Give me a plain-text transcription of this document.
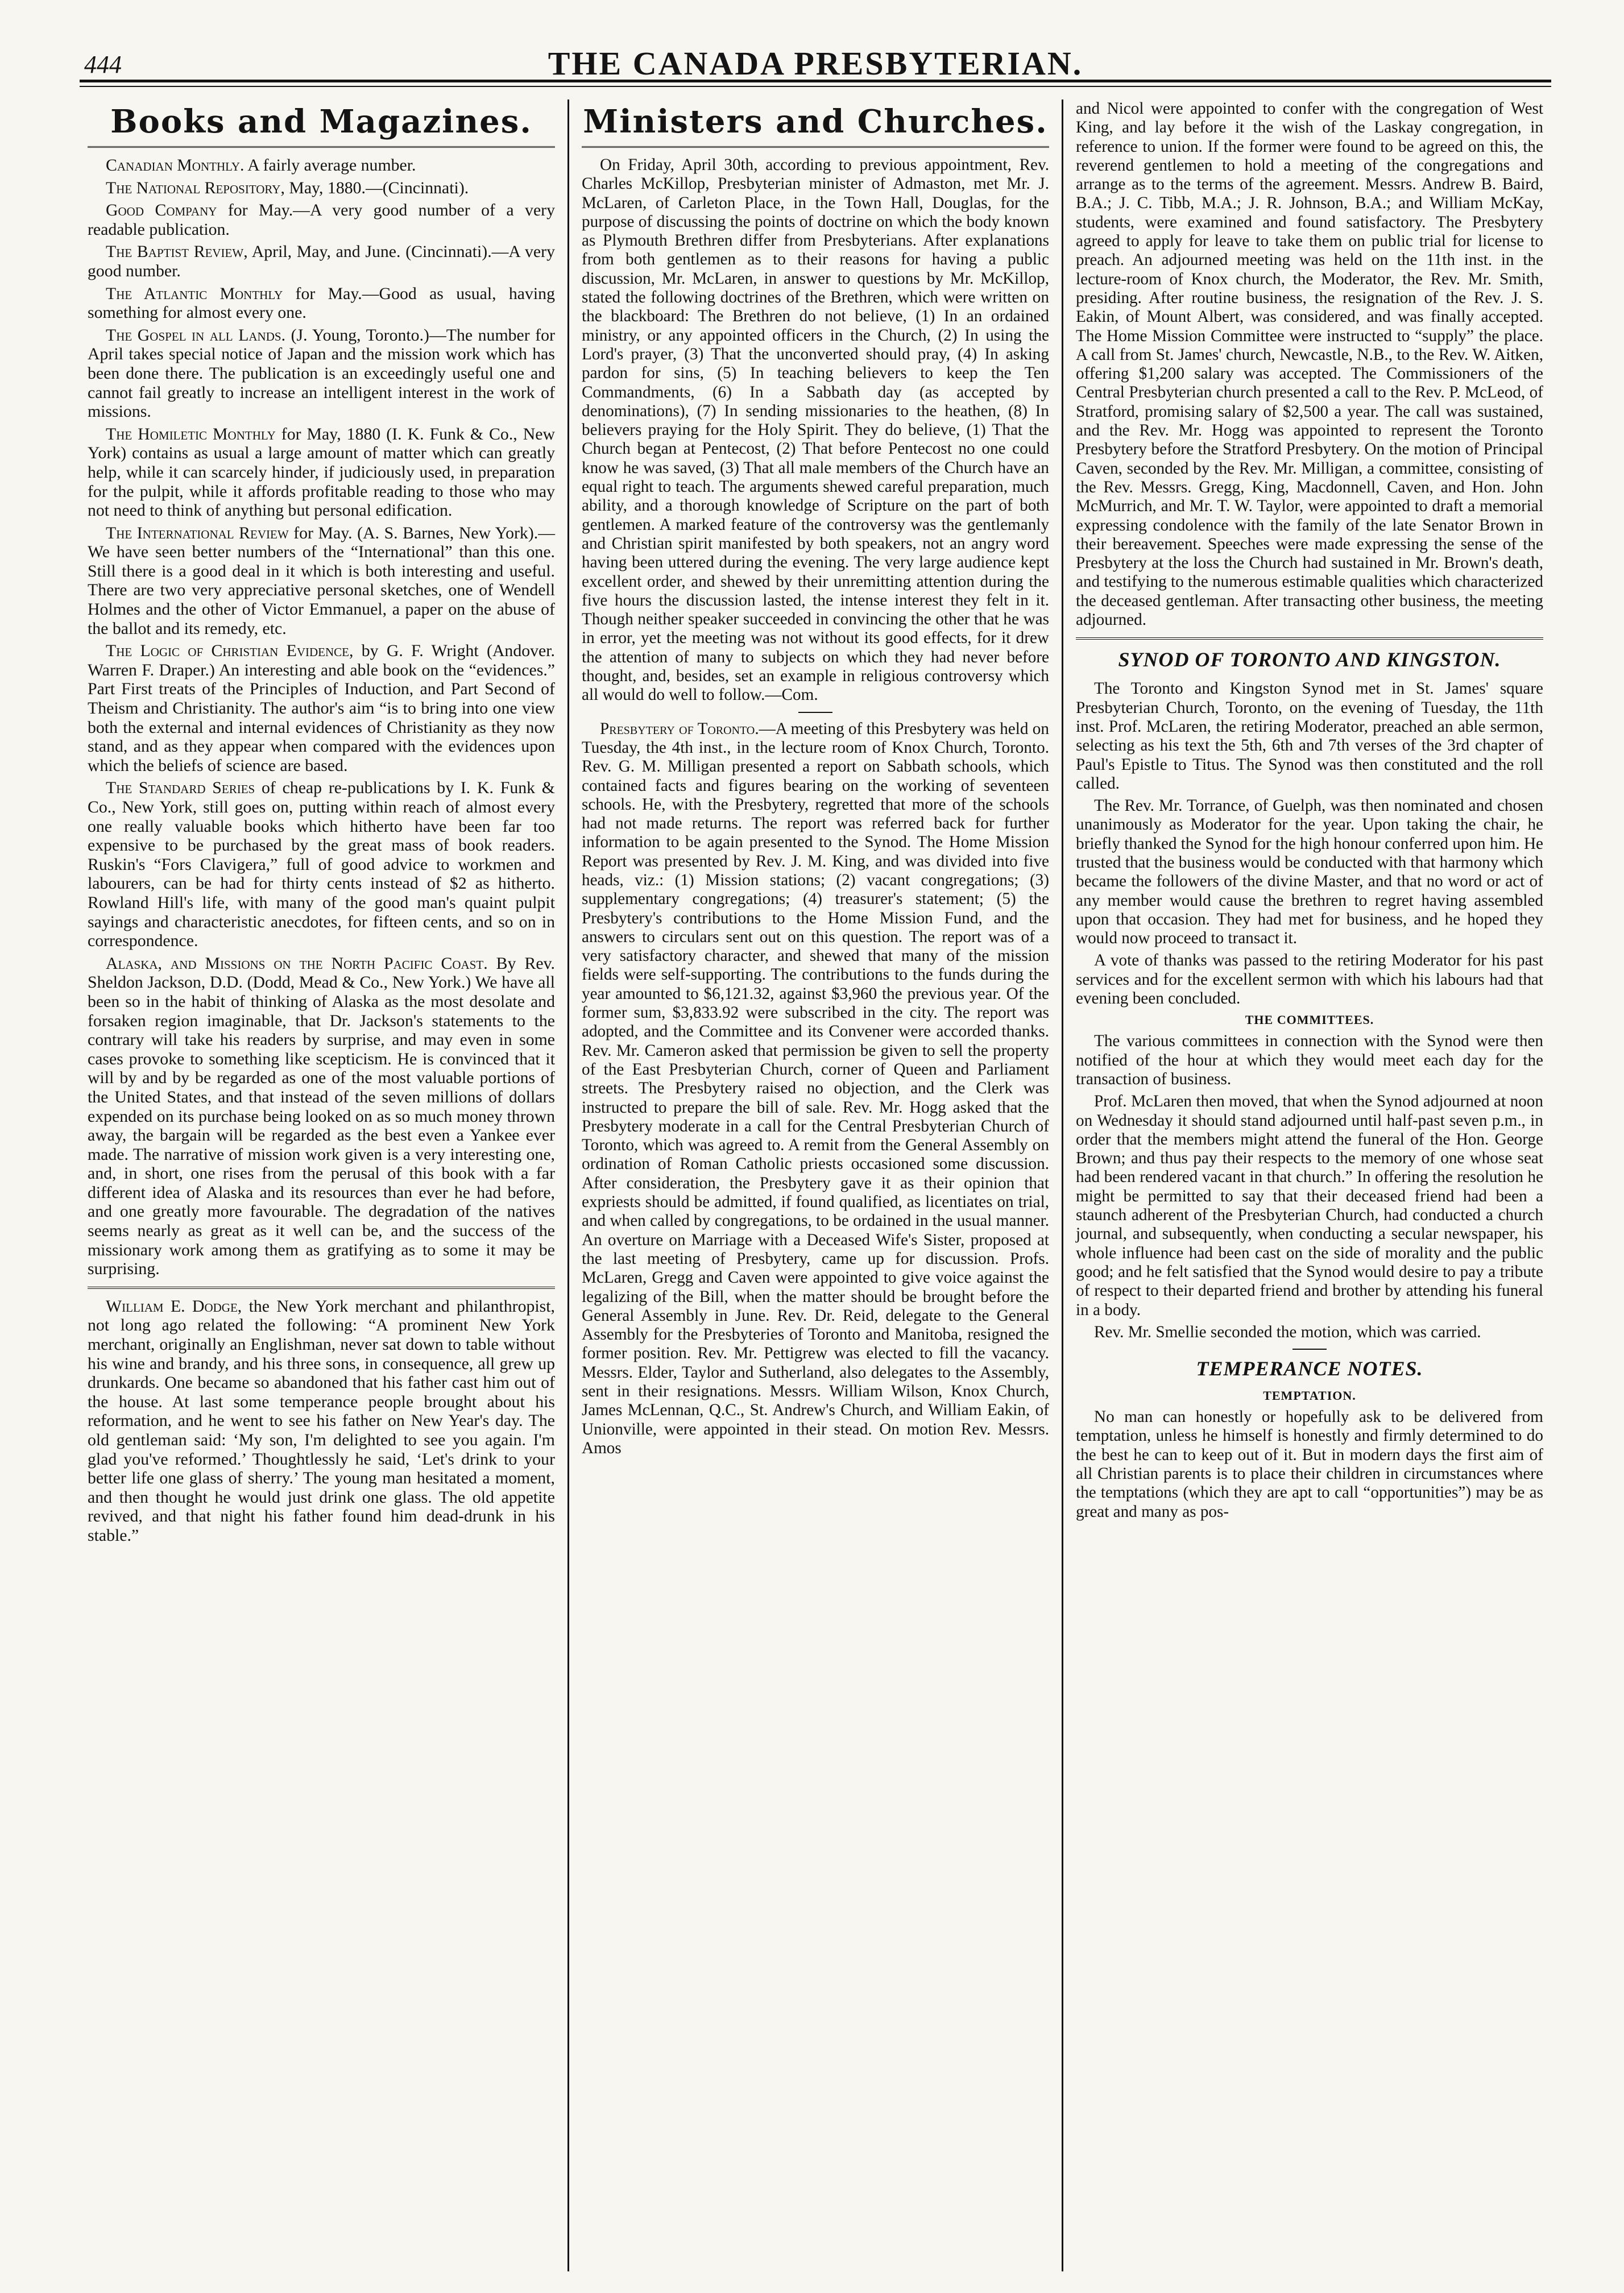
444	THE CANADA PRESBYTERIAN.
Books and Magazines.

Canadian Monthly. A fairly average number.

The National Repository, May, 1880.—(Cincinnati).

Good Company for May.—A very good number of a very readable publication.

The Baptist Review, April, May, and June. (Cincinnati).—A very good number.

The Atlantic Monthly for May.—Good as usual, having something for almost every one.

The Gospel in all Lands. (J. Young, Toronto.)—The number for April takes special notice of Japan and the mission work which has been done there. The publication is an exceedingly useful one and cannot fail greatly to increase an intelligent interest in the work of missions.

The Homiletic Monthly for May, 1880 (I. K. Funk & Co., New York) contains as usual a large amount of matter which can greatly help, while it can scarcely hinder, if judiciously used, in preparation for the pulpit, while it affords profitable reading to those who may not need to think of anything but personal edification.

The International Review for May. (A. S. Barnes, New York).—We have seen better numbers of the “International” than this one. Still there is a good deal in it which is both interesting and useful. There are two very appreciative personal sketches, one of Wendell Holmes and the other of Victor Emmanuel, a paper on the abuse of the ballot and its remedy, etc.

The Logic of Christian Evidence, by G. F. Wright (Andover. Warren F. Draper.) An interesting and able book on the “evidences.” Part First treats of the Principles of Induction, and Part Second of Theism and Christianity. The author's aim “is to bring into one view both the external and internal evidences of Christianity as they now stand, and as they appear when compared with the evidences upon which the beliefs of science are based.

The Standard Series of cheap re-publications by I. K. Funk & Co., New York, still goes on, putting within reach of almost every one really valuable books which hitherto have been far too expensive to be purchased by the great mass of book readers. Ruskin's “Fors Clavigera,” full of good advice to workmen and labourers, can be had for thirty cents instead of $2 as hitherto. Rowland Hill's life, with many of the good man's quaint pulpit sayings and characteristic anecdotes, for fifteen cents, and so on in correspondence.

Alaska, and Missions on the North Pacific Coast. By Rev. Sheldon Jackson, D.D. (Dodd, Mead & Co., New York.) We have all been so in the habit of thinking of Alaska as the most desolate and forsaken region imaginable, that Dr. Jackson's statements to the contrary will take his readers by surprise, and may even in some cases provoke to something like scepticism. He is convinced that it will by and by be regarded as one of the most valuable portions of the United States, and that instead of the seven millions of dollars expended on its purchase being looked on as so much money thrown away, the bargain will be regarded as the best even a Yankee ever made. The narrative of mission work given is a very interesting one, and, in short, one rises from the perusal of this book with a far different idea of Alaska and its resources than ever he had before, and one greatly more favourable. The degradation of the natives seems nearly as great as it well can be, and the success of the missionary work among them as gratifying as to some it may be surprising.

William E. Dodge, the New York merchant and philanthropist, not long ago related the following: “A prominent New York merchant, originally an Englishman, never sat down to table without his wine and brandy, and his three sons, in consequence, all grew up drunkards. One became so abandoned that his father cast him out of the house. At last some temperance people brought about his reformation, and he went to see his father on New Year's day. The old gentleman said: ‘My son, I'm delighted to see you again. I'm glad you've reformed.’ Thoughtlessly he said, ‘Let's drink to your better life one glass of sherry.’ The young man hesitated a moment, and then thought he would just drink one glass. The old appetite revived, and that night his father found him dead-drunk in his stable.”

Ministers and Churches.

On Friday, April 30th, according to previous appointment, Rev. Charles McKillop, Presbyterian minister of Admaston, met Mr. J. McLaren, of Carleton Place, in the Town Hall, Douglas, for the purpose of discussing the points of doctrine on which the body known as Plymouth Brethren differ from Presbyterians. After explanations from both gentlemen as to their reasons for having a public discussion, Mr. McLaren, in answer to questions by Mr. McKillop, stated the following doctrines of the Brethren, which were written on the blackboard: The Brethren do not believe, (1) In an ordained ministry, or any appointed officers in the Church, (2) In using the Lord's prayer, (3) That the unconverted should pray, (4) In asking pardon for sins, (5) In teaching believers to keep the Ten Commandments, (6) In a Sabbath day (as accepted by denominations), (7) In sending missionaries to the heathen, (8) In believers praying for the Holy Spirit. They do believe, (1) That the Church began at Pentecost, (2) That before Pentecost no one could know he was saved, (3) That all male members of the Church have an equal right to teach. The arguments shewed careful preparation, much ability, and a thorough knowledge of Scripture on the part of both gentlemen. A marked feature of the controversy was the gentlemanly and Christian spirit manifested by both speakers, not an angry word having been uttered during the evening. The very large audience kept excellent order, and shewed by their unremitting attention during the five hours the discussion lasted, the intense interest they felt in it. Though neither speaker succeeded in convincing the other that he was in error, yet the meeting was not without its good effects, for it drew the attention of many to subjects on which they had never before thought, and, besides, set an example in religious controversy which all would do well to follow.—Com.

Presbytery of Toronto.—A meeting of this Presbytery was held on Tuesday, the 4th inst., in the lecture room of Knox Church, Toronto. Rev. G. M. Milligan presented a report on Sabbath schools, which contained facts and figures bearing on the working of seventeen schools. He, with the Presbytery, regretted that more of the schools had not made returns. The report was referred back for further information to be again presented to the Synod. The Home Mission Report was presented by Rev. J. M. King, and was divided into five heads, viz.: (1) Mission stations; (2) vacant congregations; (3) supplementary congregations; (4) treasurer's statement; (5) the Presbytery's contributions to the Home Mission Fund, and the answers to circulars sent out on this question. The report was of a very satisfactory character, and shewed that many of the mission fields were self-supporting. The contributions to the funds during the year amounted to $6,121.32, against $3,960 the previous year. Of the former sum, $3,833.92 were subscribed in the city. The report was adopted, and the Committee and its Convener were accorded thanks. Rev. Mr. Cameron asked that permission be given to sell the property of the East Presbyterian Church, corner of Queen and Parliament streets. The Presbytery raised no objection, and the Clerk was instructed to prepare the bill of sale. Rev. Mr. Hogg asked that the Presbytery moderate in a call for the Central Presbyterian Church of Toronto, which was agreed to. A remit from the General Assembly on ordination of Roman Catholic priests occasioned some discussion. After consideration, the Presbytery gave it as their opinion that expriests should be admitted, if found qualified, as licentiates on trial, and when called by congregations, to be ordained in the usual manner. An overture on Marriage with a Deceased Wife's Sister, proposed at the last meeting of Presbytery, came up for discussion. Profs. McLaren, Gregg and Caven were appointed to give voice against the legalizing of the Bill, when the matter should be brought before the General Assembly in June. Rev. Dr. Reid, delegate to the General Assembly for the Presbyteries of Toronto and Manitoba, resigned the former position. Rev. Mr. Pettigrew was elected to fill the vacancy. Messrs. Elder, Taylor and Sutherland, also delegates to the Assembly, sent in their resignations. Messrs. William Wilson, Knox Church, James McLennan, Q.C., St. Andrew's Church, and William Eakin, of Unionville, were appointed in their stead. On motion Rev. Messrs. Amos

and Nicol were appointed to confer with the congregation of West King, and lay before it the wish of the Laskay congregation, in reference to union. If the former were found to be agreed on this, the reverend gentlemen to hold a meeting of the congregations and arrange as to the terms of the agreement. Messrs. Andrew B. Baird, B.A.; J. C. Tibb, M.A.; J. R. Johnson, B.A.; and William McKay, students, were examined and found satisfactory. The Presbytery agreed to apply for leave to take them on public trial for license to preach. An adjourned meeting was held on the 11th inst. in the lecture-room of Knox church, the Moderator, the Rev. Mr. Smith, presiding. After routine business, the resignation of the Rev. J. S. Eakin, of Mount Albert, was considered, and was finally accepted. The Home Mission Committee were instructed to “supply” the place. A call from St. James' church, Newcastle, N.B., to the Rev. W. Aitken, offering $1,200 salary was accepted. The Commissioners of the Central Presbyterian church presented a call to the Rev. P. McLeod, of Stratford, promising salary of $2,500 a year. The call was sustained, and the Rev. Mr. Hogg was appointed to represent the Toronto Presbytery before the Stratford Presbytery. On the motion of Principal Caven, seconded by the Rev. Mr. Milligan, a committee, consisting of the Rev. Messrs. Gregg, King, Macdonnell, Caven, and Hon. John McMurrich, and Mr. T. W. Taylor, were appointed to draft a memorial expressing condolence with the family of the late Senator Brown in their bereavement. Speeches were made expressing the sense of the Presbytery at the loss the Church had sustained in Mr. Brown's death, and testifying to the numerous estimable qualities which characterized the deceased gentleman. After transacting other business, the meeting adjourned.

SYNOD OF TORONTO AND KINGSTON.

The Toronto and Kingston Synod met in St. James' square Presbyterian Church, Toronto, on the evening of Tuesday, the 11th inst. Prof. McLaren, the retiring Moderator, preached an able sermon, selecting as his text the 5th, 6th and 7th verses of the 3rd chapter of Paul's Epistle to Titus. The Synod was then constituted and the roll called.

The Rev. Mr. Torrance, of Guelph, was then nominated and chosen unanimously as Moderator for the year. Upon taking the chair, he briefly thanked the Synod for the high honour conferred upon him. He trusted that the business would be conducted with that harmony which became the followers of the divine Master, and that no word or act of any member would cause the brethren to regret having assembled upon that occasion. They had met for business, and he hoped they would now proceed to transact it.

A vote of thanks was passed to the retiring Moderator for his past services and for the excellent sermon with which his labours had that evening been concluded.

THE COMMITTEES.

The various committees in connection with the Synod were then notified of the hour at which they would meet each day for the transaction of business.

Prof. McLaren then moved, that when the Synod adjourned at noon on Wednesday it should stand adjourned until half-past seven p.m., in order that the members might attend the funeral of the Hon. George Brown; and thus pay their respects to the memory of one whose seat had been rendered vacant in that church.” In offering the resolution he might be permitted to say that their deceased friend had been a staunch adherent of the Presbyterian Church, had conducted a church journal, and subsequently, when conducting a secular newspaper, his whole influence had been cast on the side of morality and the public good; and he felt satisfied that the Synod would desire to pay a tribute of respect to their departed friend and brother by attending his funeral in a body.

Rev. Mr. Smellie seconded the motion, which was carried.

TEMPERANCE NOTES.
TEMPTATION.

No man can honestly or hopefully ask to be delivered from temptation, unless he himself is honestly and firmly determined to do the best he can to keep out of it. But in modern days the first aim of all Christian parents is to place their children in circumstances where the temptations (which they are apt to call “opportunities”) may be as great and many as pos-
